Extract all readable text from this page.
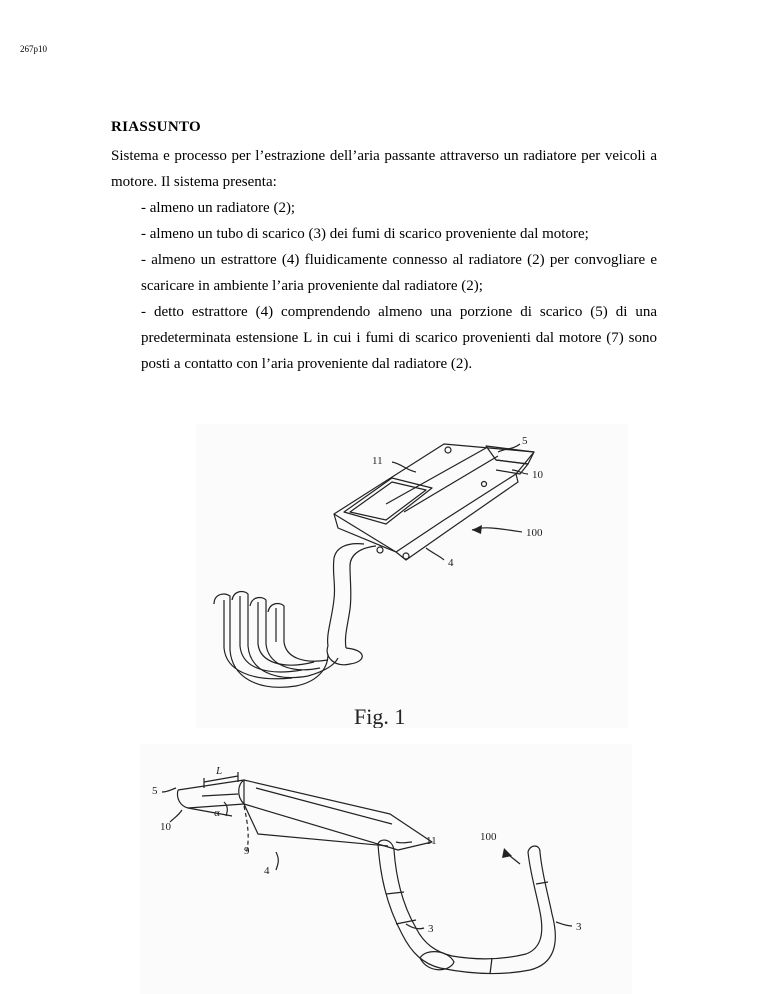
267p10
RIASSUNTO

Sistema e processo per l’estrazione dell’aria passante attraverso un radiatore per veicoli a motore. Il sistema presenta:

- almeno un radiatore (2);

- almeno un tubo di scarico (3) dei fumi di scarico proveniente dal motore;

- almeno un estrattore (4) fluidicamente connesso al radiatore (2) per convogliare e scaricare in ambiente l’aria proveniente dal radiatore (2);

- detto estrattore (4) comprendendo almeno una porzione di scarico (5) di una predeterminata estensione L in cui i fumi di scarico provenienti dal motore (7) sono posti a contatto con l’aria proveniente dal radiatore (2).

(FIG. 1)
11
5
10
100
4
Fig. 1
L
5
α
10
11	100
9
4
3	3
